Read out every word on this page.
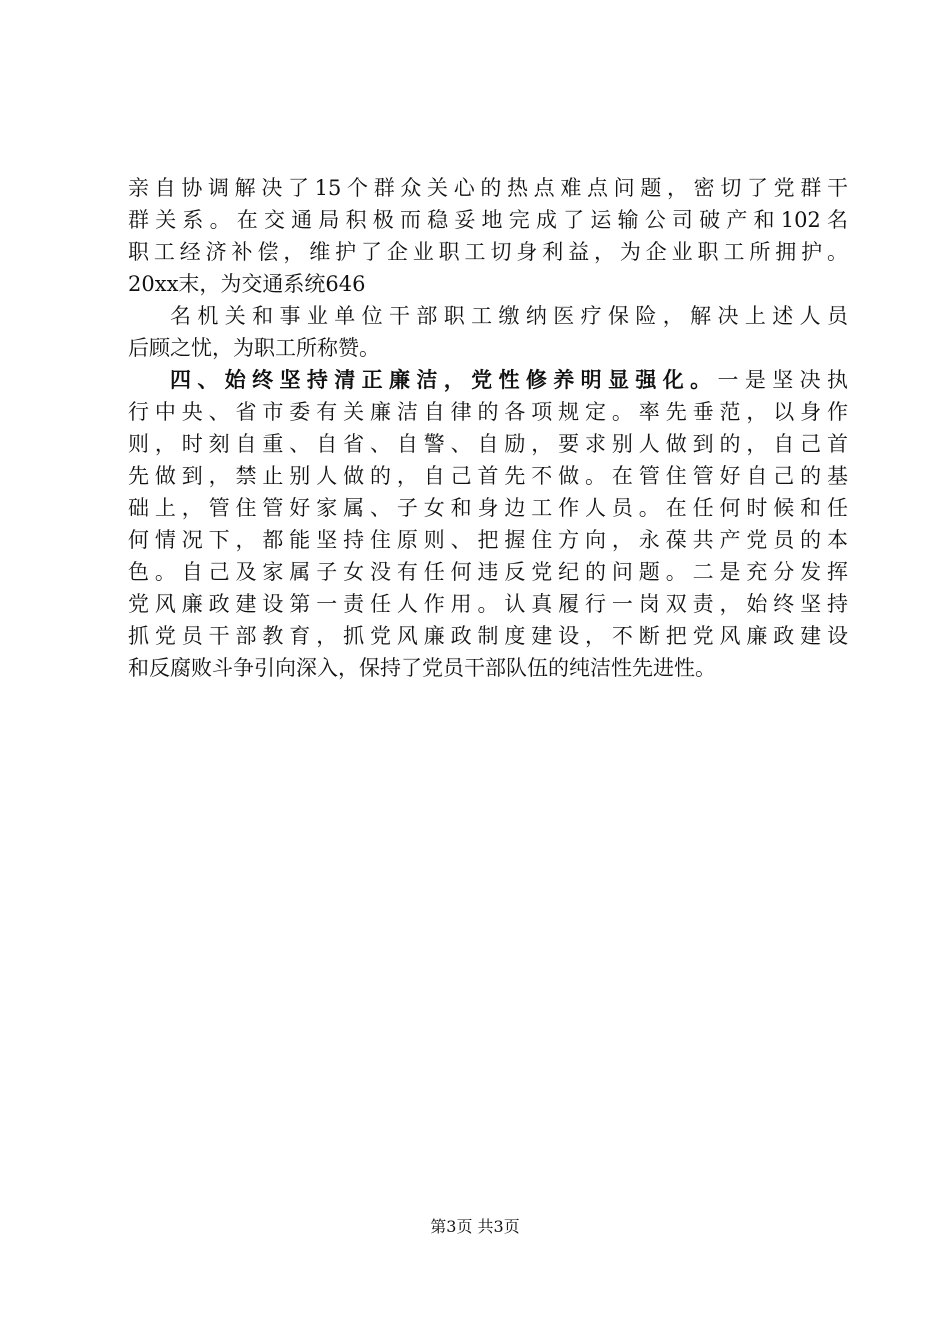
亲自协调解决了15个群众关心的热点难点问题，密切了党群干
群关系。在交通局积极而稳妥地完成了运输公司破产和102名
职工经济补偿，维护了企业职工切身利益，为企业职工所拥护。
20xx末，为交通系统646
名机关和事业单位干部职工缴纳医疗保险，解决上述人员
后顾之忧，为职工所称赞。
四、始终坚持清正廉洁，党性修养明显强化。一是坚决执
行中央、省市委有关廉洁自律的各项规定。率先垂范，以身作
则，时刻自重、自省、自警、自励，要求别人做到的，自己首
先做到，禁止别人做的，自己首先不做。在管住管好自己的基
础上，管住管好家属、子女和身边工作人员。在任何时候和任
何情况下，都能坚持住原则、把握住方向，永葆共产党员的本
色。自己及家属子女没有任何违反党纪的问题。二是充分发挥
党风廉政建设第一责任人作用。认真履行一岗双责，始终坚持
抓党员干部教育，抓党风廉政制度建设，不断把党风廉政建设
和反腐败斗争引向深入，保持了党员干部队伍的纯洁性先进性。
第3页 共3页
